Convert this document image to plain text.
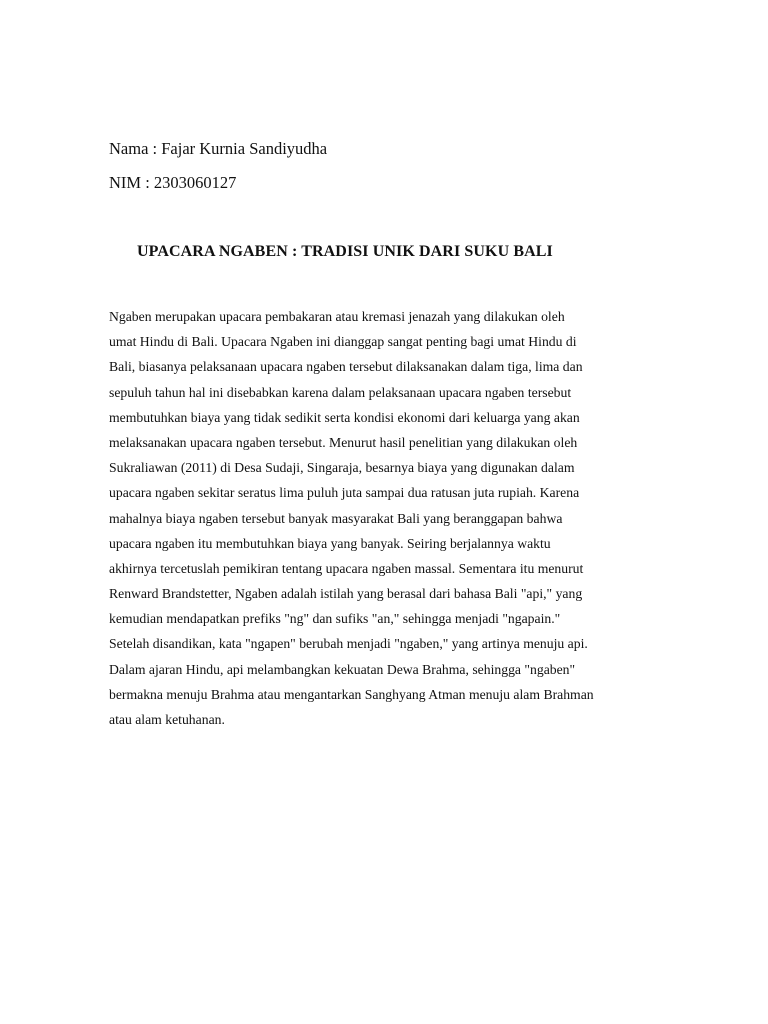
Nama : Fajar Kurnia Sandiyudha
NIM : 2303060127
UPACARA NGABEN : TRADISI UNIK DARI SUKU BALI
Ngaben merupakan upacara pembakaran atau kremasi jenazah yang dilakukan oleh
umat Hindu di Bali. Upacara Ngaben ini dianggap sangat penting bagi umat Hindu di
Bali, biasanya pelaksanaan upacara ngaben tersebut dilaksanakan dalam tiga, lima dan
sepuluh tahun hal ini disebabkan karena dalam pelaksanaan upacara ngaben tersebut
membutuhkan biaya yang tidak sedikit serta kondisi ekonomi dari keluarga yang akan
melaksanakan upacara ngaben tersebut. Menurut hasil penelitian yang dilakukan oleh
Sukraliawan (2011) di Desa Sudaji, Singaraja, besarnya biaya yang digunakan dalam
upacara ngaben sekitar seratus lima puluh juta sampai dua ratusan juta rupiah. Karena
mahalnya biaya ngaben tersebut banyak masyarakat Bali yang beranggapan bahwa
upacara ngaben itu membutuhkan biaya yang banyak. Seiring berjalannya waktu
akhirnya tercetuslah pemikiran tentang upacara ngaben massal. Sementara itu menurut
Renward Brandstetter, Ngaben adalah istilah yang berasal dari bahasa Bali "api," yang
kemudian mendapatkan prefiks "ng" dan sufiks "an," sehingga menjadi "ngapain."
Setelah disandikan, kata "ngapen" berubah menjadi "ngaben," yang artinya menuju api.
Dalam ajaran Hindu, api melambangkan kekuatan Dewa Brahma, sehingga "ngaben"
bermakna menuju Brahma atau mengantarkan Sanghyang Atman menuju alam Brahman
atau alam ketuhanan.
